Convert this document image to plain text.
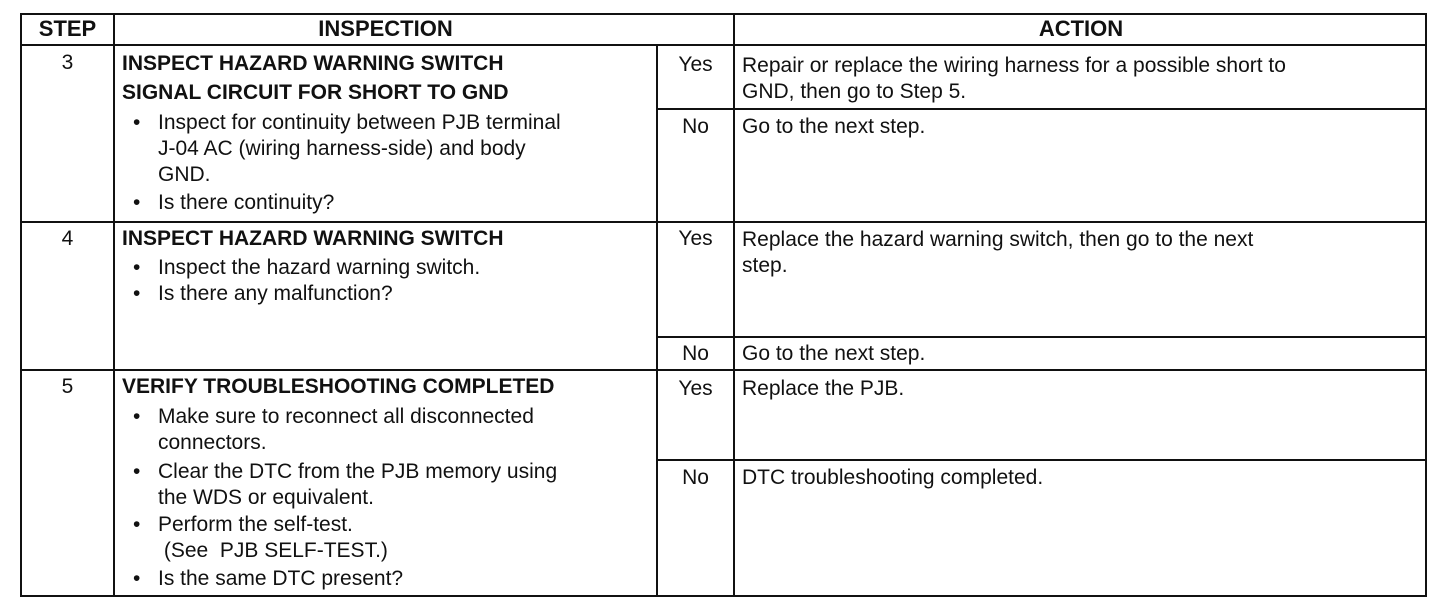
STEP	INSPECTION	ACTION
3	INSPECT HAZARD WARNING SWITCH
SIGNAL CIRCUIT FOR SHORT TO GND
• Inspect for continuity between PJB terminal
J-04 AC (wiring harness-side) and body
GND.
• Is there continuity?
Yes	Repair or replace the wiring harness for a possible short to
GND, then go to Step 5.
No	Go to the next step.
4	INSPECT HAZARD WARNING SWITCH
• Inspect the hazard warning switch.
• Is there any malfunction?
Yes	Replace the hazard warning switch, then go to the next
step.
No	Go to the next step.
5	VERIFY TROUBLESHOOTING COMPLETED
• Make sure to reconnect all disconnected
connectors.
• Clear the DTC from the PJB memory using
the WDS or equivalent.
• Perform the self-test.
(See  PJB SELF-TEST.)
• Is the same DTC present?
Yes	Replace the PJB.
No	DTC troubleshooting completed.
